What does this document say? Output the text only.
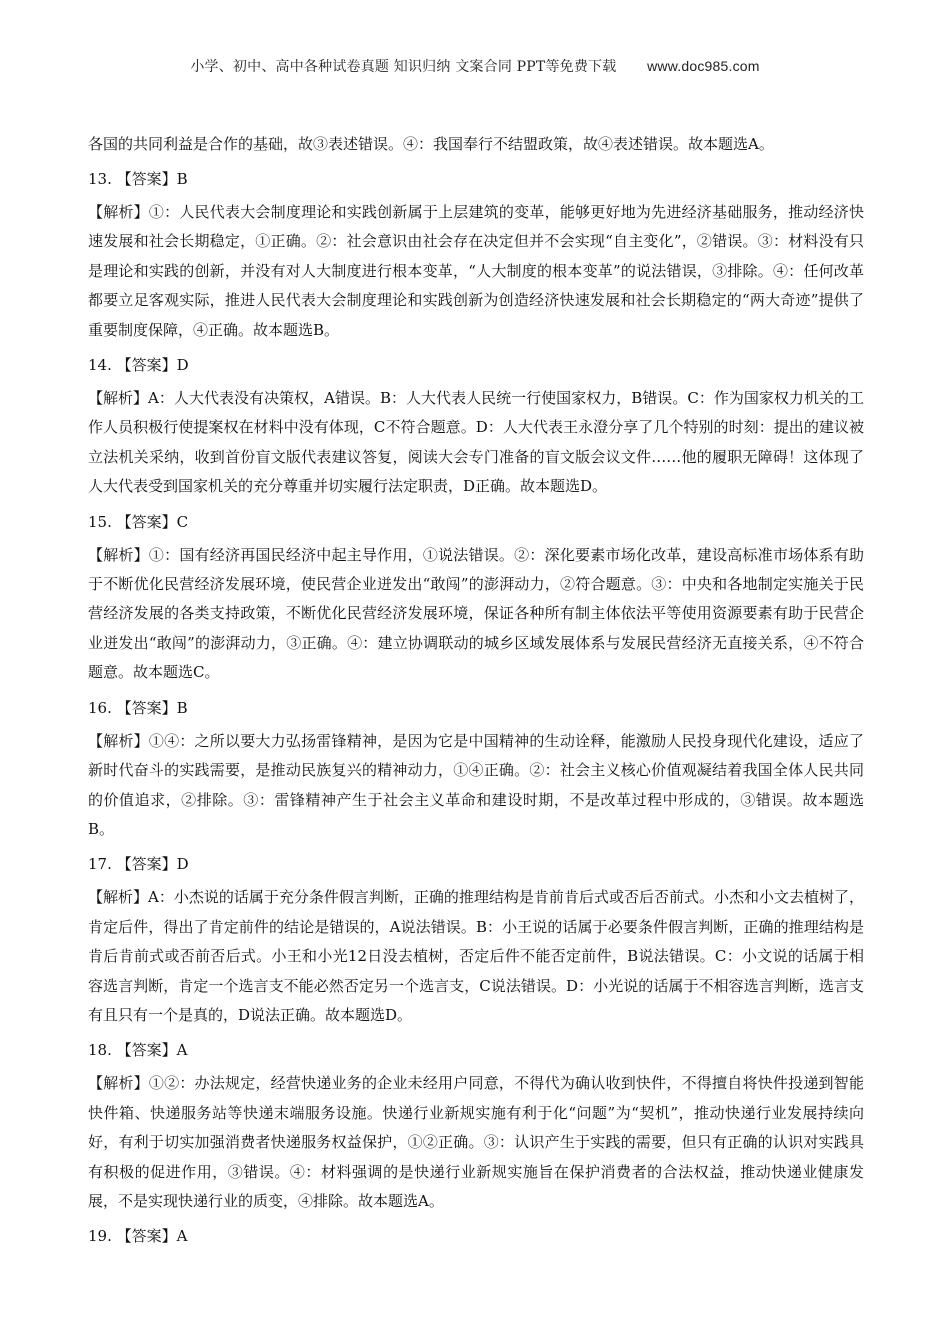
小学、初中、高中各种试卷真题 知识归纳 文案合同 PPT等免费下载 www.doc985.com

各国的共同利益是合作的基础，故③表述错误。④：我国奉行不结盟政策，故④表述错误。故本题选A。

13. 【答案】B

【解析】①：人民代表大会制度理论和实践创新属于上层建筑的变革，能够更好地为先进经济基础服务，推动经济快速发展和社会长期稳定，①正确。②：社会意识由社会存在决定但并不会实现“自主变化”，②错误。③：材料没有只是理论和实践的创新，并没有对人大制度进行根本变革，“人大制度的根本变革”的说法错误，③排除。④：任何改革都要立足客观实际，推进人民代表大会制度理论和实践创新为创造经济快速发展和社会长期稳定的“两大奇迹”提供了重要制度保障，④正确。故本题选B。

14. 【答案】D

【解析】A：人大代表没有决策权，A错误。B：人大代表人民统一行使国家权力，B错误。C：作为国家权力机关的工作人员积极行使提案权在材料中没有体现，C不符合题意。D：人大代表王永澄分享了几个特别的时刻：提出的建议被立法机关采纳，收到首份盲文版代表建议答复，阅读大会专门准备的盲文版会议文件……他的履职无障碍！这体现了人大代表受到国家机关的充分尊重并切实履行法定职责，D正确。故本题选D。

15. 【答案】C

【解析】①：国有经济再国民经济中起主导作用，①说法错误。②：深化要素市场化改革，建设高标准市场体系有助于不断优化民营经济发展环境，使民营企业迸发出“敢闯”的澎湃动力，②符合题意。③：中央和各地制定实施关于民营经济发展的各类支持政策，不断优化民营经济发展环境，保证各种所有制主体依法平等使用资源要素有助于民营企业迸发出“敢闯”的澎湃动力，③正确。④：建立协调联动的城乡区域发展体系与发展民营经济无直接关系，④不符合题意。故本题选C。

16. 【答案】B

【解析】①④：之所以要大力弘扬雷锋精神，是因为它是中国精神的生动诠释，能激励人民投身现代化建设，适应了新时代奋斗的实践需要，是推动民族复兴的精神动力，①④正确。②：社会主义核心价值观凝结着我国全体人民共同的价值追求，②排除。③：雷锋精神产生于社会主义革命和建设时期，不是改革过程中形成的，③错误。故本题选B。

17. 【答案】D

【解析】A：小杰说的话属于充分条件假言判断，正确的推理结构是肯前肯后式或否后否前式。小杰和小文去植树了，肯定后件，得出了肯定前件的结论是错误的，A说法错误。B：小王说的话属于必要条件假言判断，正确的推理结构是肯后肯前式或否前否后式。小王和小光12日没去植树，否定后件不能否定前件，B说法错误。C：小文说的话属于相容选言判断，肯定一个选言支不能必然否定另一个选言支，C说法错误。D：小光说的话属于不相容选言判断，选言支有且只有一个是真的，D说法正确。故本题选D。

18. 【答案】A

【解析】①②：办法规定，经营快递业务的企业未经用户同意，不得代为确认收到快件，不得擅自将快件投递到智能快件箱、快递服务站等快递末端服务设施。快递行业新规实施有利于化“问题”为“契机”，推动快递行业发展持续向好，有利于切实加强消费者快递服务权益保护，①②正确。③：认识产生于实践的需要，但只有正确的认识对实践具有积极的促进作用，③错误。④：材料强调的是快递行业新规实施旨在保护消费者的合法权益，推动快递业健康发展，不是实现快递行业的质变，④排除。故本题选A。

19. 【答案】A
